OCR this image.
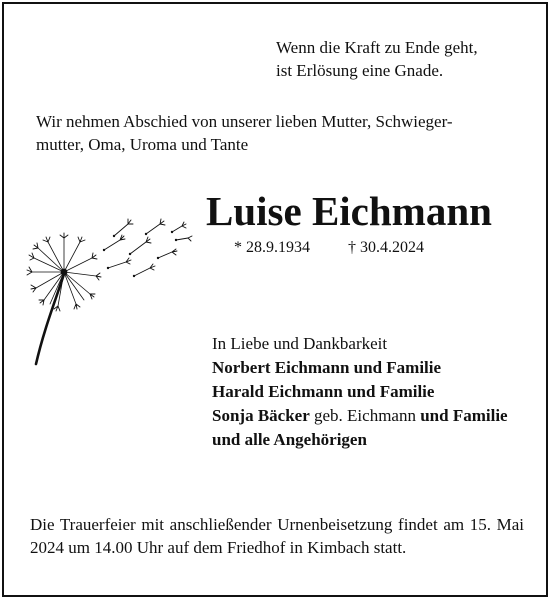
Wenn die Kraft zu Ende geht,
ist Erlösung eine Gnade.
Wir nehmen Abschied von unserer lieben Mutter, Schwieger-
mutter, Oma, Uroma und Tante
Luise Eichmann
* 28.9.1934 † 30.4.2024
In Liebe und Dankbarkeit
Norbert Eichmann und Familie
Harald Eichmann und Familie
Sonja Bäcker geb. Eichmann und Familie
und alle Angehörigen
Die Trauerfeier mit anschließender Urnenbeisetzung findet am 15. Mai 2024 um 14.00 Uhr auf dem Friedhof in Kimbach statt.
